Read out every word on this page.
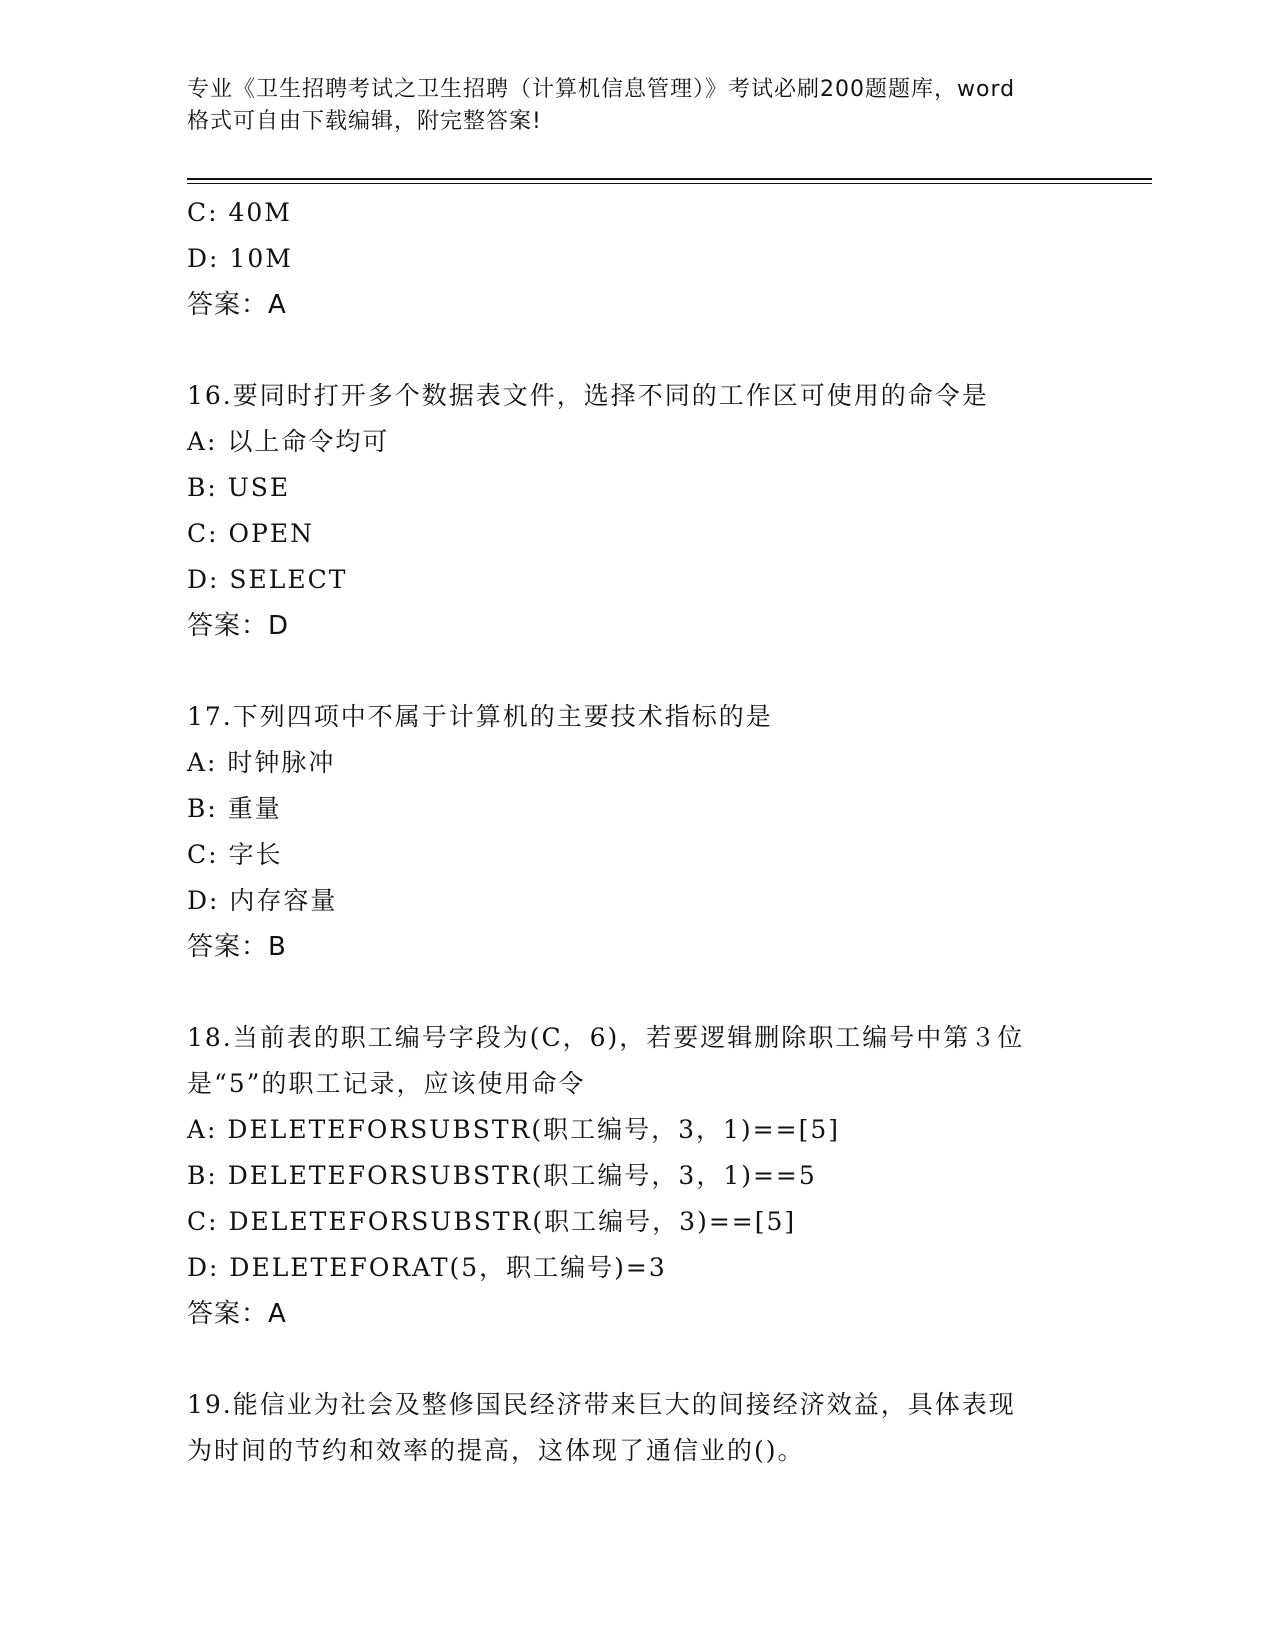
专业《卫生招聘考试之卫生招聘（计算机信息管理）》考试必刷200题题库，word
格式可自由下载编辑，附完整答案!
C: 40M
D: 10M
答案：A
16.要同时打开多个数据表文件，选择不同的工作区可使用的命令是
A: 以上命令均可
B: USE
C: OPEN
D: SELECT
答案：D
17.下列四项中不属于计算机的主要技术指标的是
A: 时钟脉冲
B: 重量
C: 字长
D: 内存容量
答案：B
18.当前表的职工编号字段为(C，6)，若要逻辑删除职工编号中第３位
是“5”的职工记录，应该使用命令
A: DELETEFORSUBSTR(职工编号，3，1)==[5]
B: DELETEFORSUBSTR(职工编号，3，1)==5
C: DELETEFORSUBSTR(职工编号，3)==[5]
D: DELETEFORAT(5，职工编号)=3
答案：A
19.能信业为社会及整修国民经济带来巨大的间接经济效益，具体表现
为时间的节约和效率的提高，这体现了通信业的()。
